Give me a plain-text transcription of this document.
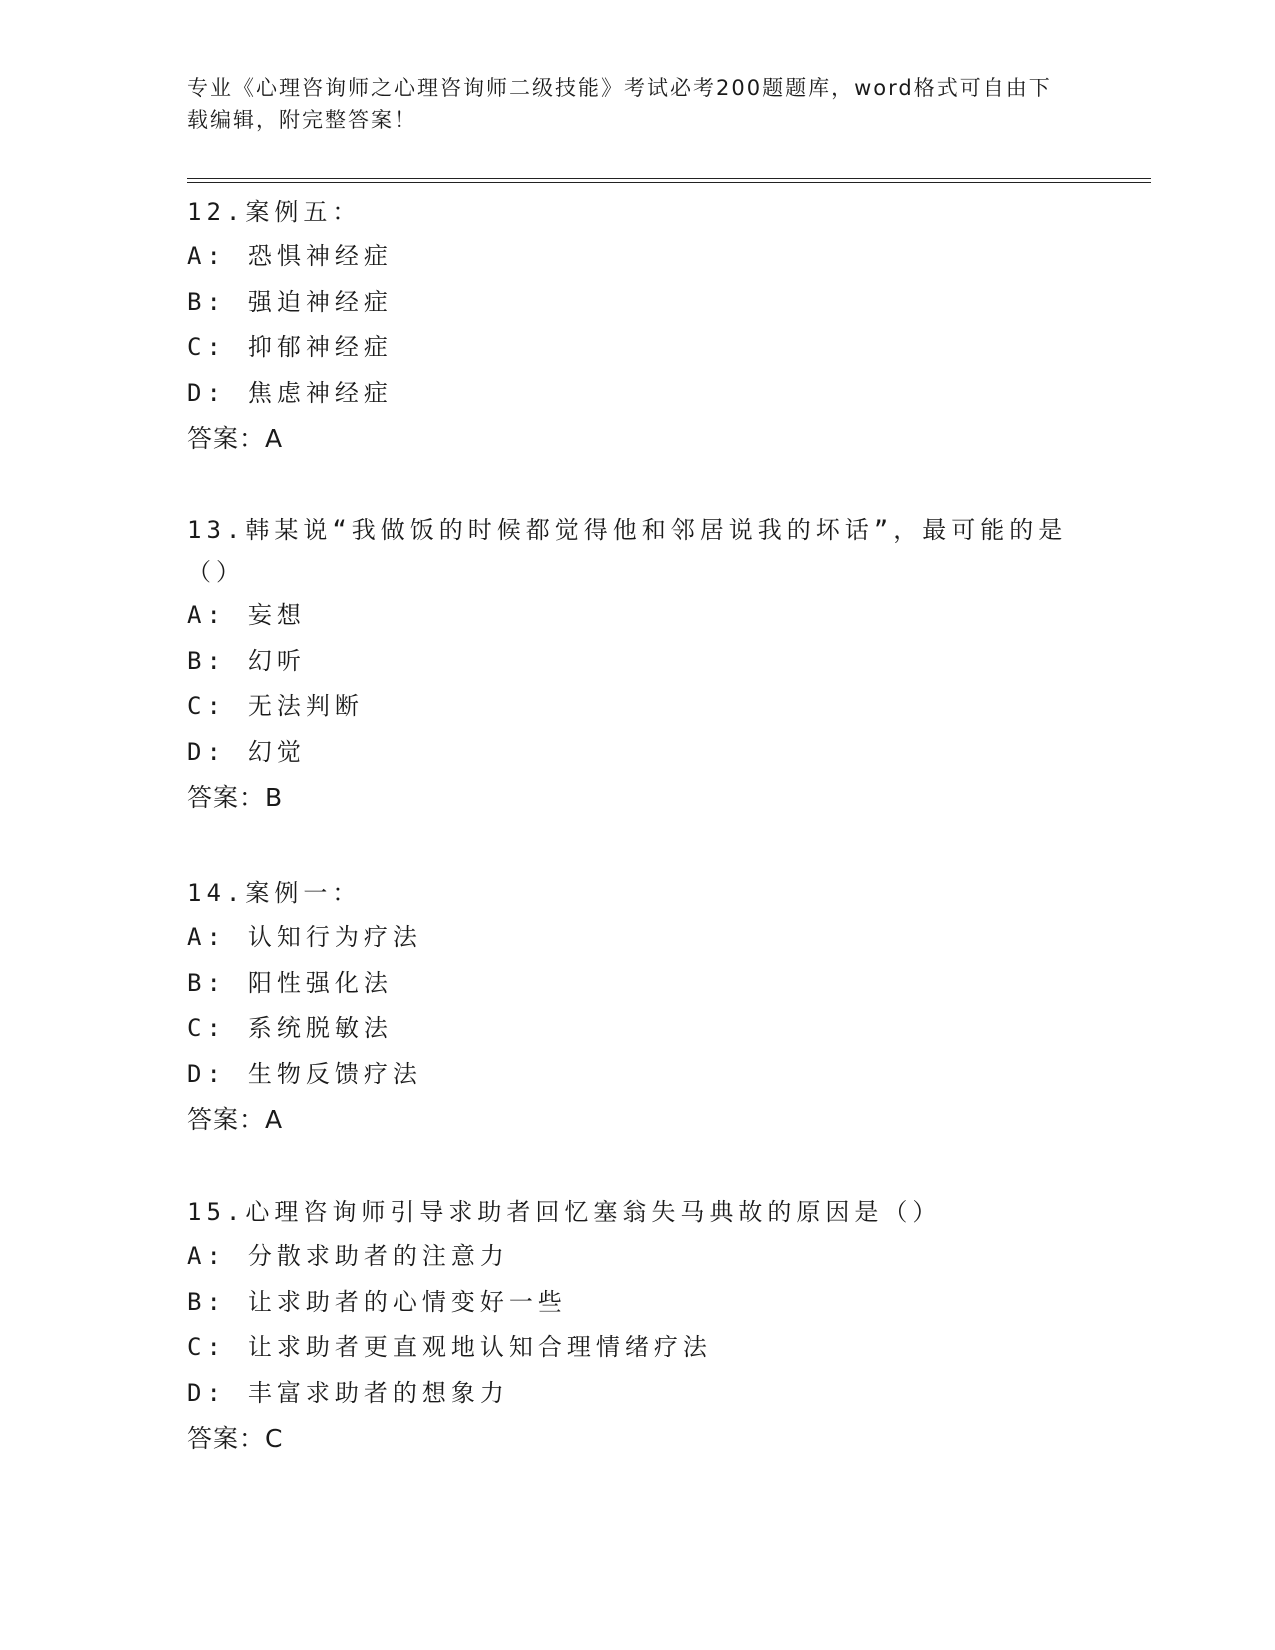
专业《心理咨询师之心理咨询师二级技能》考试必考200题题库，word格式可自由下载编辑，附完整答案！
12.案例五：
A: 恐惧神经症
B: 强迫神经症
C: 抑郁神经症
D: 焦虑神经症
答案：A
13.韩某说“我做饭的时候都觉得他和邻居说我的坏话”，最可能的是（）
A: 妄想
B: 幻听
C: 无法判断
D: 幻觉
答案：B
14.案例一：
A: 认知行为疗法
B: 阳性强化法
C: 系统脱敏法
D: 生物反馈疗法
答案：A
15.心理咨询师引导求助者回忆塞翁失马典故的原因是（）
A: 分散求助者的注意力
B: 让求助者的心情变好一些
C: 让求助者更直观地认知合理情绪疗法
D: 丰富求助者的想象力
答案：C
